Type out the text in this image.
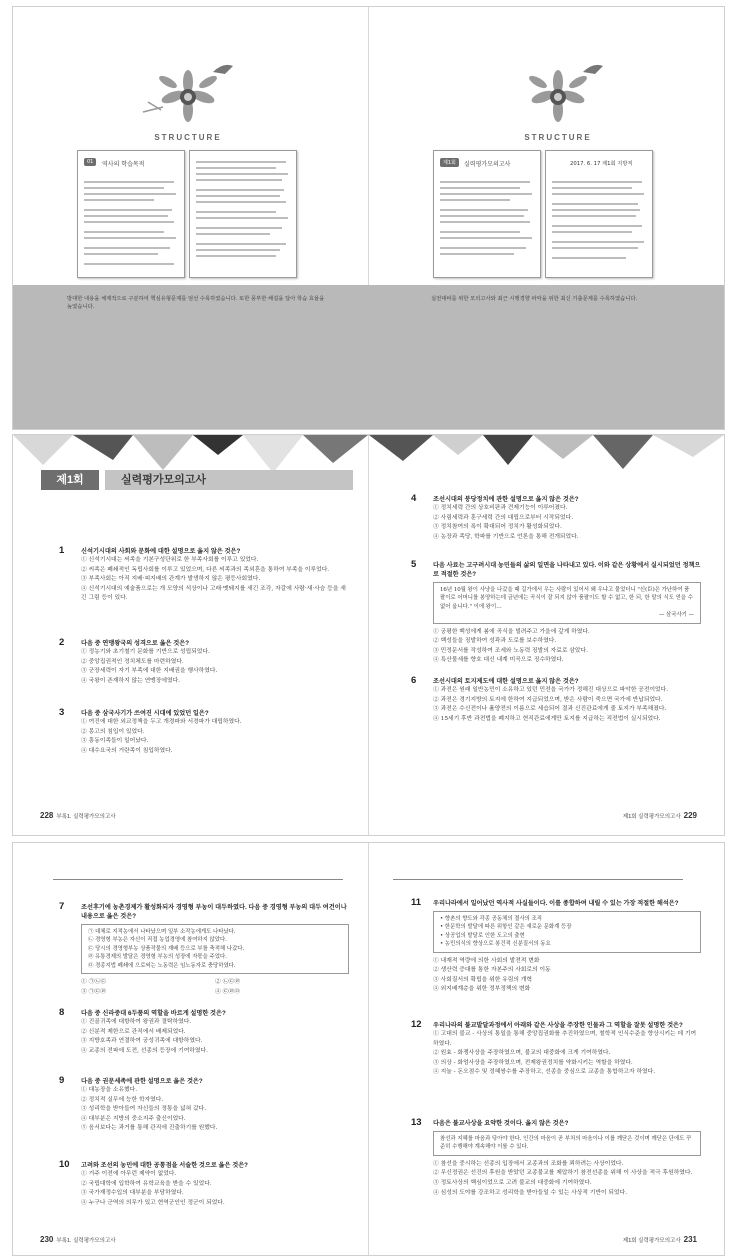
STRUCTURE
01	역사의 학습목적
STRUCTURE
제1회	실력평가모의고사	2017. 6. 17 제1회 지방직
방대한 내용을 체계적으로 구분하여 핵심유형문제를 엄선 수록하였습니다. 또한 풍부한 해설을 달아 학습 효율을 높였습니다.
실전대비를 위한 모의고사와 최근 시행경향 파악을 위한 최신 기출문제를 수록하였습니다.
제1회	실력평가모의고사
1	신석기시대의 사회와 문화에 대한 설명으로 옳지 않은 것은?
① 신석기시대는 씨족을 기본구성단위로 한 부족사회를 이루고 있었다.
② 씨족은 폐쇄적인 독립사회를 이루고 있었으며, 다른 씨족과의 족외혼을 통하여 부족을 이루었다.
③ 부족사회는 아직 지배·피지배의 관계가 발생하지 않은 평등사회였다.
④ 신석기시대의 예술품으로는 개 모양의 석상이나 고래·멧돼지를 새긴 조각, 자갈에 사람·새·사슴 등을 새긴 그림 등이 있다.
2	다음 중 연맹왕국의 성격으로 옳은 것은?
① 정농기와 초기철기 문화를 기반으로 성립되었다.
② 중앙집권적인 정치체도를 마련하였다.
③ 군장세력이 자기 부족에 대한 지배권을 행사하였다.
④ 국왕이 존재하지 않는 연맹장에였다.
3	다음 중 삼국사기가 쓰여진 시대에 있었던 일은?
① 여진에 대한 외교정책을 두고 개경파와 서경파가 대립하였다.
② 몽고의 침입이 있었다.
③ 흥동이족들이 일어났다.
④ 대수요국의 거란족이 침입하였다.
4	조선시대의 붕당정치에 관한 설명으로 옳지 않은 것은?
① 정치세력 간의 상호비판과 견제기능이 이루어졌다.
② 사림세력과 훈구세력 간의 대립으로부터 시작되었다.
③ 정치참여의 폭이 확대되어 정치가 활성화되었다.
④ 농장과 족당, 학파를 기반으로 언론을 통해 전개되었다.
5	다음 사료는 고구려시대 농민들의 삶의 일면을 나타내고 있다. 이와 같은 상황에서 실시되었던 정책으로 적절한 것은?
16년 10월 왕이 사냥을 나갔을 때 길가에서 우는 사람이 있어서 왜 우냐고 물었더니 "신(臣)은 가난하여 품팔이로 어머니를 봉양하는데 금년에는 곡식이 잘 되지 않아 품팔이도 할 수 없고, 한 되, 한 말의 식도 얻을 수 없어 웁니다." 이에 왕이…
— 삼국사기 —
① 궁평한 백성에게 봄에 곡식을 빌려주고 가을에 갚게 하였다.
② 백성들을 징발하여 성곽과 도로를 보수하였다.
③ 민정문서를 작성하여 조세와 노동력 징발의 자료로 삼았다.
④ 특산물세를 향호 대신 내계 미곡으로 징수하였다.
6	조선시대의 토지제도에 대한 설명으로 옳지 않은 것은?
① 과전은 원래 일반농민이 소유하고 있던 민전을 국가가 정해진 대상으로 파악한 공전이었다.
② 과전은 경기지방의 토지에 한하여 지급되었으며, 받은 사람이 죽으면 국가에 반납되었다.
③ 과전은 수신전이나 휼양전의 이름으로 세습되어 결과 신진관료에게 줄 토지가 부족해졌다.
④ 15세기 후반 과전법을 폐지하고 현직관료에게만 토지를 지급하는 직전법이 실시되었다.
228 부록1. 실력평가모의고사	제1회 실력평가모의고사 229
7	조선후기에 농촌경제가 활성화되자 경영형 부농이 대두하였다. 다음 중 경영형 부농의 대두 여건이나 내용으로 옳은 것은?
㉠ 대체로 지적농에서 나타났으며 일부 소작농에게도 나타났다.
㉡ 경영형 부농은 자신이 직접 농업경영에 참여하지 않았다.
㉢ 당시의 경영형부농 상품작물의 재배 등으로 부를 축적해 나갔다.
㉣ 유통경제의 발달은 경영형 부농의 성장에 자몫을 주었다.
㉤ 경종지법 폐쇄에 으로써는 노동력은 임노동자로 충당하였다.
① ㉠㉡㉢	② ㉡㉢㉣
③ ㉠㉢㉣	④ ㉢㉣㉤
8	다음 중 신라중대 6두품의 역할을 바르게 설명한 것은?
① 진골귀족에 대항하여 왕권과 결탁하였다.
② 신분적 제한으로 관직에서 배제되었다.
③ 지방호족과 연결하여 궁성귀족에 대항하였다.
④ 교종의 전파에 도전, 선종의 등장에 기여하였다.
9	다음 중 권문세족에 관한 설명으로 옳은 것은?
① 대농장을 소유했다.
② 정치적 실무에 능한 학자였다.
③ 성리학을 받아들여 자신들의 정통을 넓혀 갔다.
④ 대부분은 지방의 중소지주 출신이었다.
⑤ 음서보다는 과거를 통해 관직에 진출하기를 원했다.
10 고려와 조선의 농민에 대한 공통점을 서술한 것으로 옳은 것은?
① 거주 이전에 아무런 제약이 없었다.
② 국립대학에 입학하여 유학교육을 받을 수 있었다.
③ 국가재정수입의 대부분을 부담하였다.
④ 누구나 군역의 의무가 있고 현역군인인 정군이 되었다.
11 우리나라에서 일어났던 역사적 사실들이다. 이를 종합하여 내릴 수 있는 가장 적절한 해석은?
• 향촌의 향도와 각종 공동체의 결사의 조직
• 한문학의 발달에 따른 위항인 같은 새로운 문화계 등장
• 상공업의 발달로 인한 도고의 출현
• 농민의식의 향상으로 봉건적 신분질서의 동요
① 내재적 역량에 의한 사회의 발전적 변화
② 생산력 증대를 통한 자본주의 사회로의 이동
③ 사회질서의 확립을 위한 유림의 개혁
④ 외지배계층을 위한 정부정책의 변화
12 우리나라의 불교발달과정에서 아래와 같은 사상을 주장한 인물과 그 역할을 잘못 설명한 것은?
① 고대의 불교 - 사상의 통일을 통해 중앙집권화를 추진하였으며, 철학적 인식수준을 향상시키는 데 기여하였다.
② 원효 - 화쟁사상을 주장하였으며, 불교의 대중화에 크게 기여하였다.
③ 의상 - 화엄사상을 주장하였으며, 전제왕권정치를 약화시키는 역할을 하였다.
④ 지눌 - 돈오점수 및 정혜쌍수를 주장하고, 선종을 중심으로 교종을 통합하고자 하였다.
13 다음은 불교사상을 요약한 것이다. 옳지 않은 것은?
참선과 지혜를 마음과 닦아야 한다. 인간의 마음이 곧 부처의 마음이나 이를 깨닫은 것이며 깨닫은 단에도 꾸준히 수행해야 계속해야 이룰 수 있다.
① 참선을 중시하는 선종의 입장에서 교종과의 조화를 꾀하려는 사상이었다.
② 무신정권은 선진의 후원을 받았던 교종불교를 제압하기 참전선종을 위해 이 사상을 적극 후원하였다.
③ 정토사상의 핵심이었으로 고려 불교의 대중화에 기여하였다.
④ 심성의 도야를 강조하고 성리학을 받아들일 수 있는 사상적 기반이 되었다.
230 부록1. 실력평가모의고사	제1회 실력평가모의고사 231
